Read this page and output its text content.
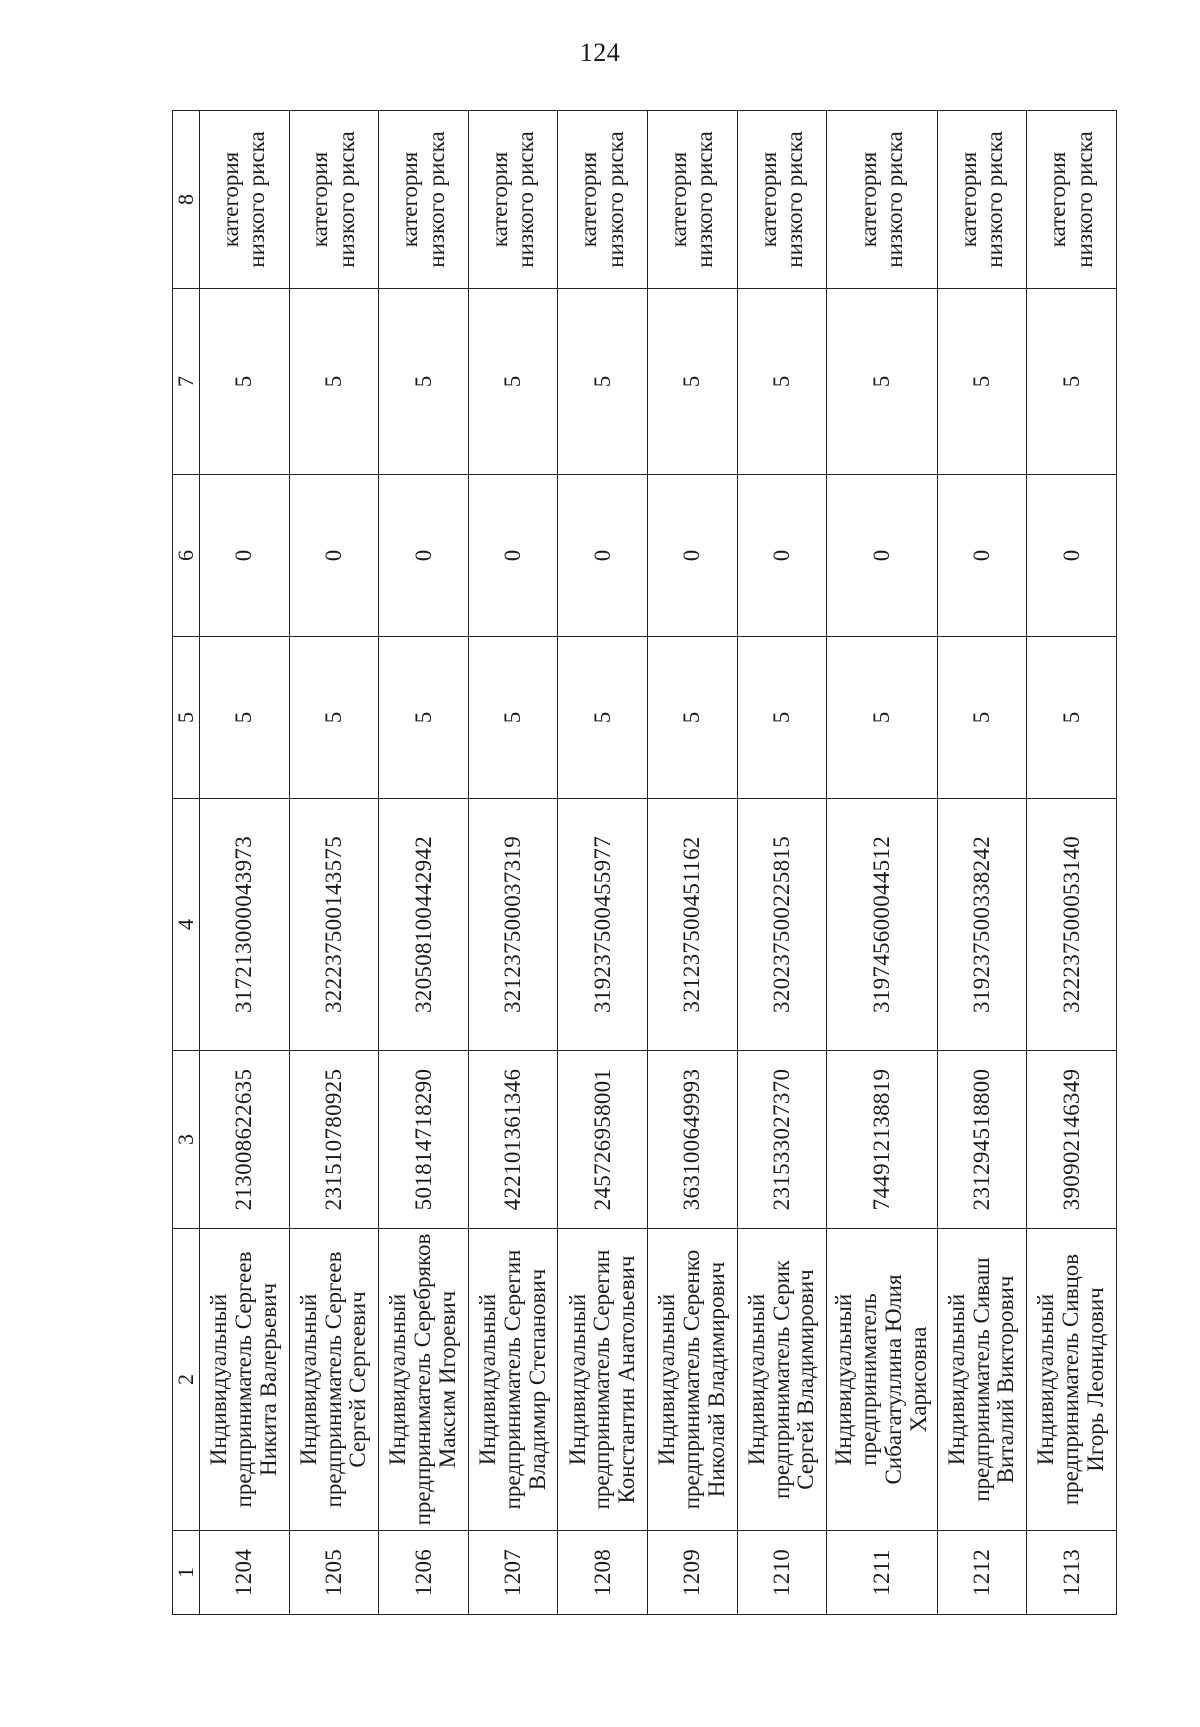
124
1	2	3	4	5	6	7	8
1204	Индивидуальный предприниматель Сергеев Никита Валерьевич	213008622635	317213000043973	5	0	5	категория низкого риска

1205	Индивидуальный предприниматель Сергеев Сергей Сергеевич	231510780925	322237500143575	5	0	5	категория низкого риска

1206	Индивидуальный предприниматель Серебряков Максим Игоревич	501814718290	320508100442942	5	0	5	категория низкого риска

1207	Индивидуальный предприниматель Серегин Владимир Степанович	422101361346	321237500037319	5	0	5	категория низкого риска

1208	Индивидуальный предприниматель Серегин Константин Анатольевич	245726958001	319237500455977	5	0	5	категория низкого риска

1209	Индивидуальный предприниматель Серенко Николай Владимирович	363100649993	321237500451162	5	0	5	категория низкого риска

1210	Индивидуальный предприниматель Серик Сергей Владимирович	231533027370	320237500225815	5	0	5	категория низкого риска

1211	Индивидуальный предприниматель Сибагатуллина Юлия Харисовна	744912138819	319745600044512	5	0	5	категория низкого риска

1212	Индивидуальный предприниматель Сиваш Виталий Викторович	231294518800	319237500338242	5	0	5	категория низкого риска

1213	Индивидуальный предприниматель Сивцов Игорь Леонидович	390902146349	322237500053140	5	0	5	категория низкого риска
